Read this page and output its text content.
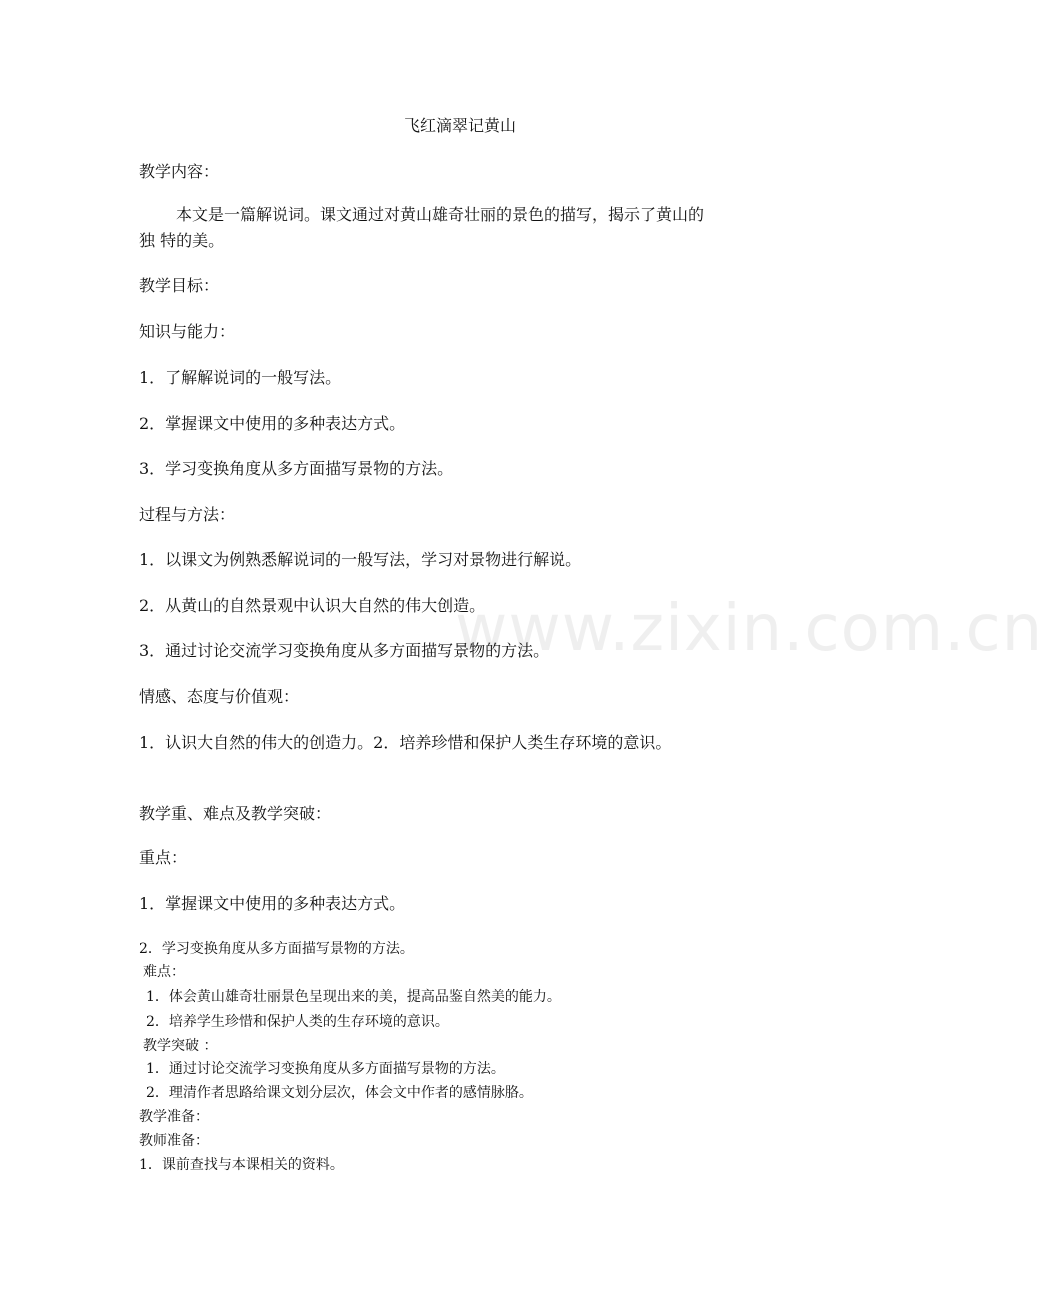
www.zixin.com.cn
飞红滴翠记黄山
教学内容：
本文是一篇解说词。课文通过对黄山雄奇壮丽的景色的描写，揭示了黄山的
独 特的美。
教学目标：
知识与能力：
1．了解解说词的一般写法。
2．掌握课文中使用的多种表达方式。
3．学习变换角度从多方面描写景物的方法。
过程与方法：
1．以课文为例熟悉解说词的一般写法，学习对景物进行解说。
2．从黄山的自然景观中认识大自然的伟大创造。
3．通过讨论交流学习变换角度从多方面描写景物的方法。
情感、态度与价值观：
1．认识大自然的伟大的创造力。2．培养珍惜和保护人类生存环境的意识。
教学重、难点及教学突破：
重点：
1．掌握课文中使用的多种表达方式。
2．学习变换角度从多方面描写景物的方法。
难点：
1．体会黄山雄奇壮丽景色呈现出来的美，提高品鉴自然美的能力。
2．培养学生珍惜和保护人类的生存环境的意识。
教学突破 ：
1．通过讨论交流学习变换角度从多方面描写景物的方法。
2．理清作者思路给课文划分层次，体会文中作者的感情脉胳。
教学准备：
教师准备：
1．课前查找与本课相关的资料。
